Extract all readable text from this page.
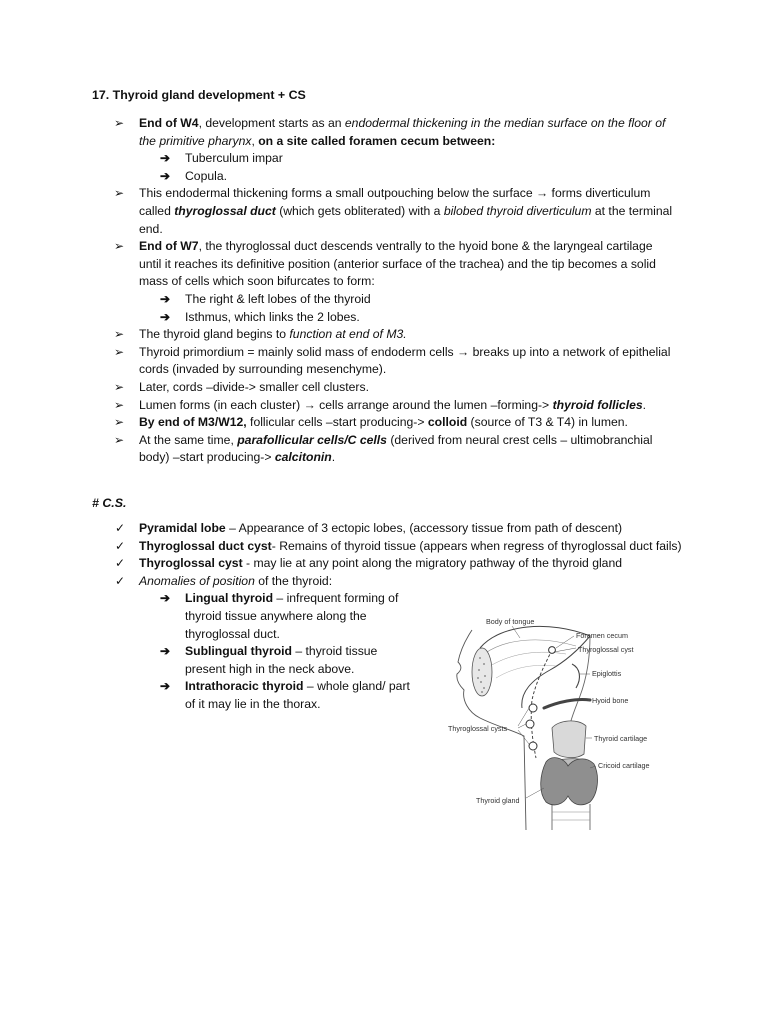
17. Thyroid gland development + CS
➢ End of W4, development starts as an endodermal thickening in the median surface on the floor of the primitive pharynx, on a site called foramen cecum between:
➔ Tuberculum impar
➔ Copula.
➢ This endodermal thickening forms a small outpouching below the surface → forms diverticulum called thyroglossal duct (which gets obliterated) with a bilobed thyroid diverticulum at the terminal end.
➢ End of W7, the thyroglossal duct descends ventrally to the hyoid bone & the laryngeal cartilage until it reaches its definitive position (anterior surface of the trachea) and the tip becomes a solid mass of cells which soon bifurcates to form:
➔ The right & left lobes of the thyroid
➔ Isthmus, which links the 2 lobes.
➢ The thyroid gland begins to function at end of M3.
➢ Thyroid primordium = mainly solid mass of endoderm cells → breaks up into a network of epithelial cords (invaded by surrounding mesenchyme).
➢ Later, cords –divide-> smaller cell clusters.
➢ Lumen forms (in each cluster) → cells arrange around the lumen –forming-> thyroid follicles.
➢ By end of M3/W12, follicular cells –start producing-> colloid (source of T3 & T4) in lumen.
➢ At the same time, parafollicular cells/C cells (derived from neural crest cells – ultimobranchial body) –start producing-> calcitonin.
# C.S.
✓ Pyramidal lobe – Appearance of 3 ectopic lobes, (accessory tissue from path of descent)
✓ Thyroglossal duct cyst- Remains of thyroid tissue (appears when regress of thyroglossal duct fails)
✓ Thyroglossal cyst - may lie at any point along the migratory pathway of the thyroid gland
✓ Anomalies of position of the thyroid:
➔ Lingual thyroid – infrequent forming of thyroid tissue anywhere along the thyroglossal duct.
➔ Sublingual thyroid – thyroid tissue present high in the neck above.
➔ Intrathoracic thyroid – whole gland/ part of it may lie in the thorax.
Body of tongue
Foramen cecum
Thyroglossal cyst
Epiglottis
Hyoid bone
Thyroglossal cysts
Thyroid cartilage
Cricoid cartilage
Thyroid gland
